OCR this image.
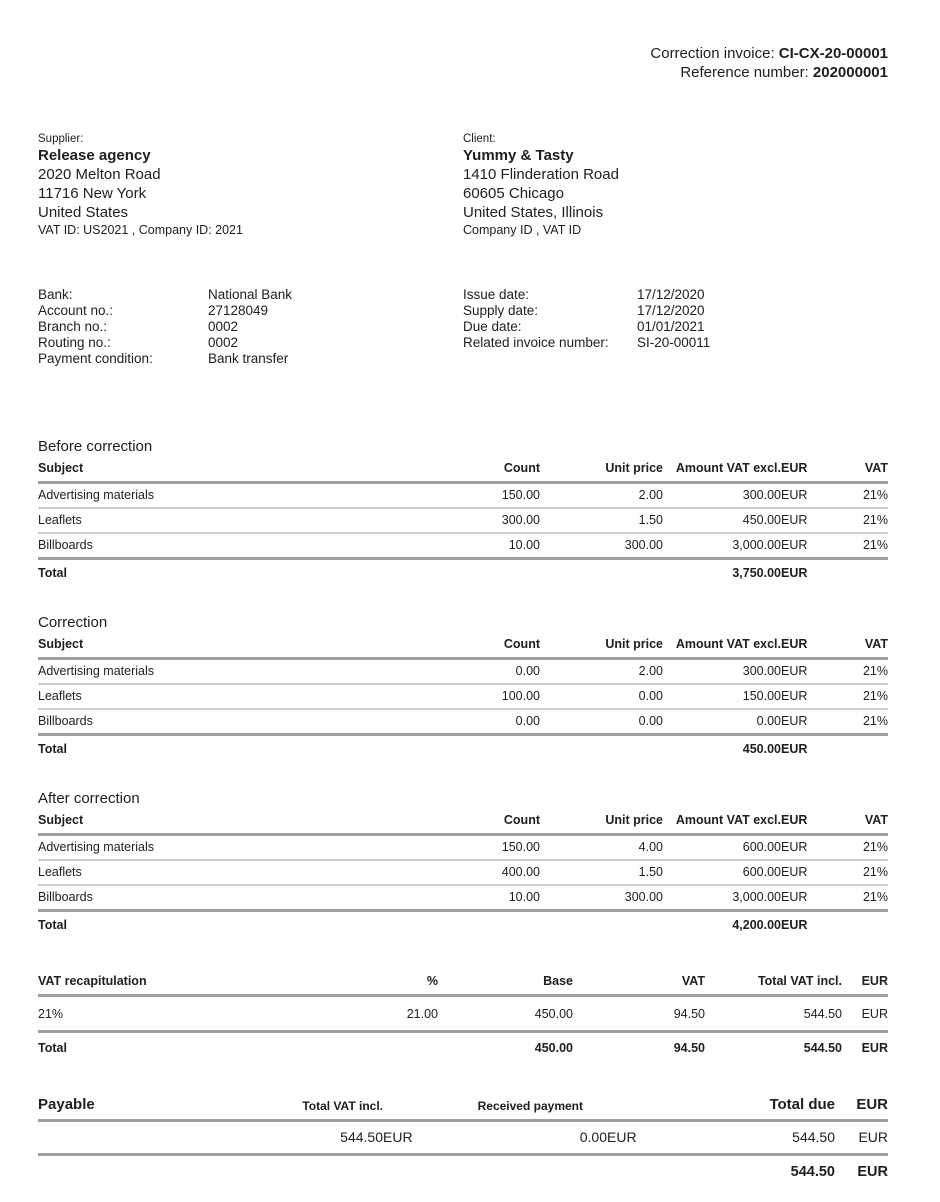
Correction invoice: CI-CX-20-00001
Reference number: 202000001
Supplier:
Release agency
2020 Melton Road
11716 New York
United States
VAT ID: US2021 , Company ID: 2021
Client:
Yummy & Tasty
1410 Flinderation Road
60605 Chicago
United States, Illinois
Company ID , VAT ID
Bank:	National Bank
Account no.:	27128049
Branch no.:	0002
Routing no.:	0002
Payment condition:	Bank transfer
Issue date:	17/12/2020
Supply date:	17/12/2020
Due date:	01/01/2021
Related invoice number:	SI-20-00011
Before correction
Subject	Count	Unit price	Amount VAT excl.	EUR	VAT
Advertising materials	150.00	2.00	300.00	EUR	21%
Leaflets	300.00	1.50	450.00	EUR	21%
Billboards	10.00	300.00	3,000.00	EUR	21%
Total			3,750.00	EUR	
Correction
Subject	Count	Unit price	Amount VAT excl.	EUR	VAT
Advertising materials	0.00	2.00	300.00	EUR	21%
Leaflets	100.00	0.00	150.00	EUR	21%
Billboards	0.00	0.00	0.00	EUR	21%
Total			450.00	EUR	
After correction
Subject	Count	Unit price	Amount VAT excl.	EUR	VAT
Advertising materials	150.00	4.00	600.00	EUR	21%
Leaflets	400.00	1.50	600.00	EUR	21%
Billboards	10.00	300.00	3,000.00	EUR	21%
Total			4,200.00	EUR	
VAT recapitulation	%	Base	VAT	Total VAT incl.	EUR
21%	21.00	450.00	94.50	544.50	EUR
Total		450.00	94.50	544.50	EUR
Payable	Total VAT incl.		Received payment		Total due	EUR
	544.50	EUR	0.00	EUR	544.50	EUR
					544.50	EUR
